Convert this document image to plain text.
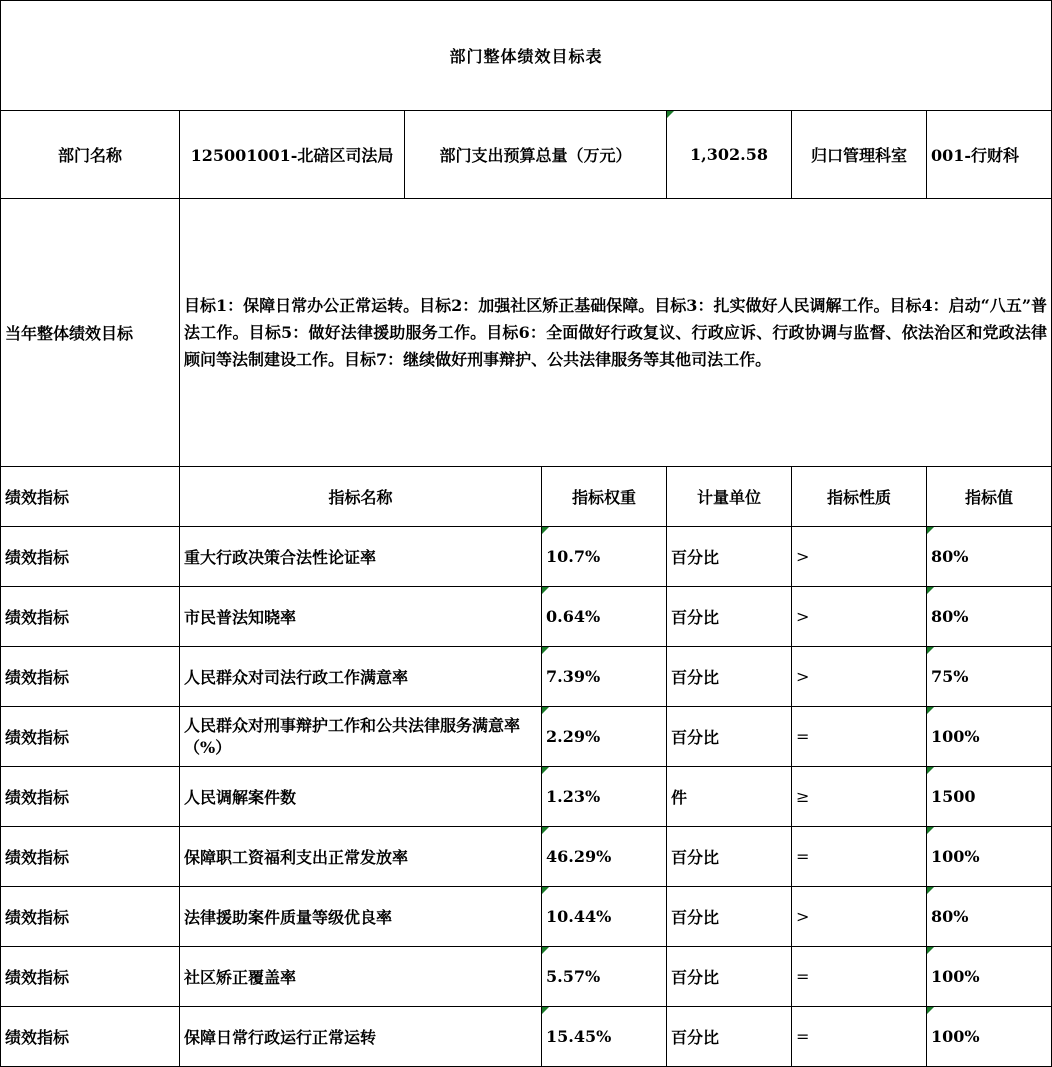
部门整体绩效目标表						
部门名称	125001001-北碚区司法局	部门支出预算总量（万元）		1,302.58	归口管理科室	001-行财科
当年整体绩效目标	目标1：保障日常办公正常运转。目标2：加强社区矫正基础保障。目标3：扎实做好人民调解工作。目标4：启动“八五”普法工作。目标5：做好法律援助服务工作。目标6：全面做好行政复议、行政应诉、行政协调与监督、依法治区和党政法律顾问等法制建设工作。目标7：继续做好刑事辩护、公共法律服务等其他司法工作。					
绩效指标	指标名称		指标权重	计量单位	指标性质	指标值
绩效指标	重大行政决策合法性论证率		10.7%	百分比	>	80%
绩效指标	市民普法知晓率		0.64%	百分比	>	80%
绩效指标	人民群众对司法行政工作满意率		7.39%	百分比	>	75%
绩效指标	人民群众对刑事辩护工作和公共法律服务满意率（%）		2.29%	百分比	=	100%
绩效指标	人民调解案件数		1.23%	件	≥	1500
绩效指标	保障职工资福利支出正常发放率		46.29%	百分比	=	100%
绩效指标	法律援助案件质量等级优良率		10.44%	百分比	>	80%
绩效指标	社区矫正覆盖率		5.57%	百分比	=	100%
绩效指标	保障日常行政运行正常运转		15.45%	百分比	=	100%
